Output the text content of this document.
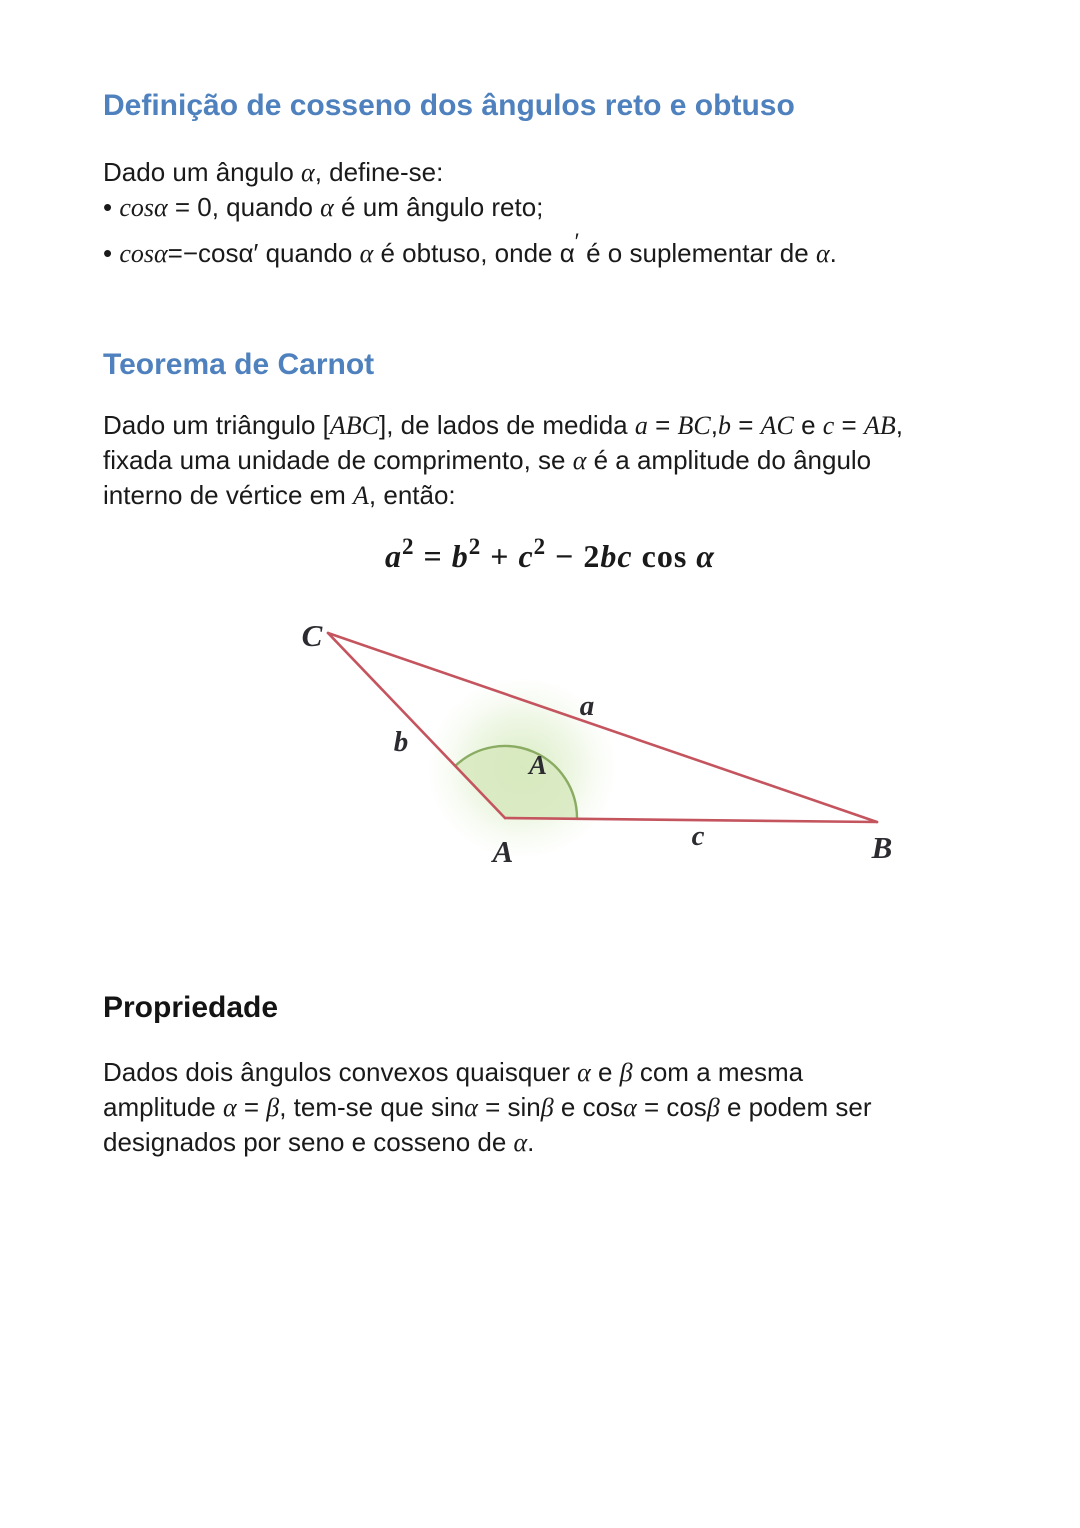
Definição de cosseno dos ângulos reto e obtuso
Dado um ângulo α, define-se:
• cosα = 0, quando α é um ângulo reto;
• cosα=−cosα′ quando α é obtuso, onde α′ é o suplementar de α.
Teorema de Carnot
Dado um triângulo [ABC], de lados de medida a = BC,b = AC e c = AB,
fixada uma unidade de comprimento, se α é a amplitude do ângulo
interno de vértice em A, então:
a2 = b2 + c2 − 2bc cos α
C
A	B
a
b
c
A
Propriedade
Dados dois ângulos convexos quaisquer α e β com a mesma
amplitude α = β, tem-se que sinα = sinβ e cosα = cosβ e podem ser
designados por seno e cosseno de α.
